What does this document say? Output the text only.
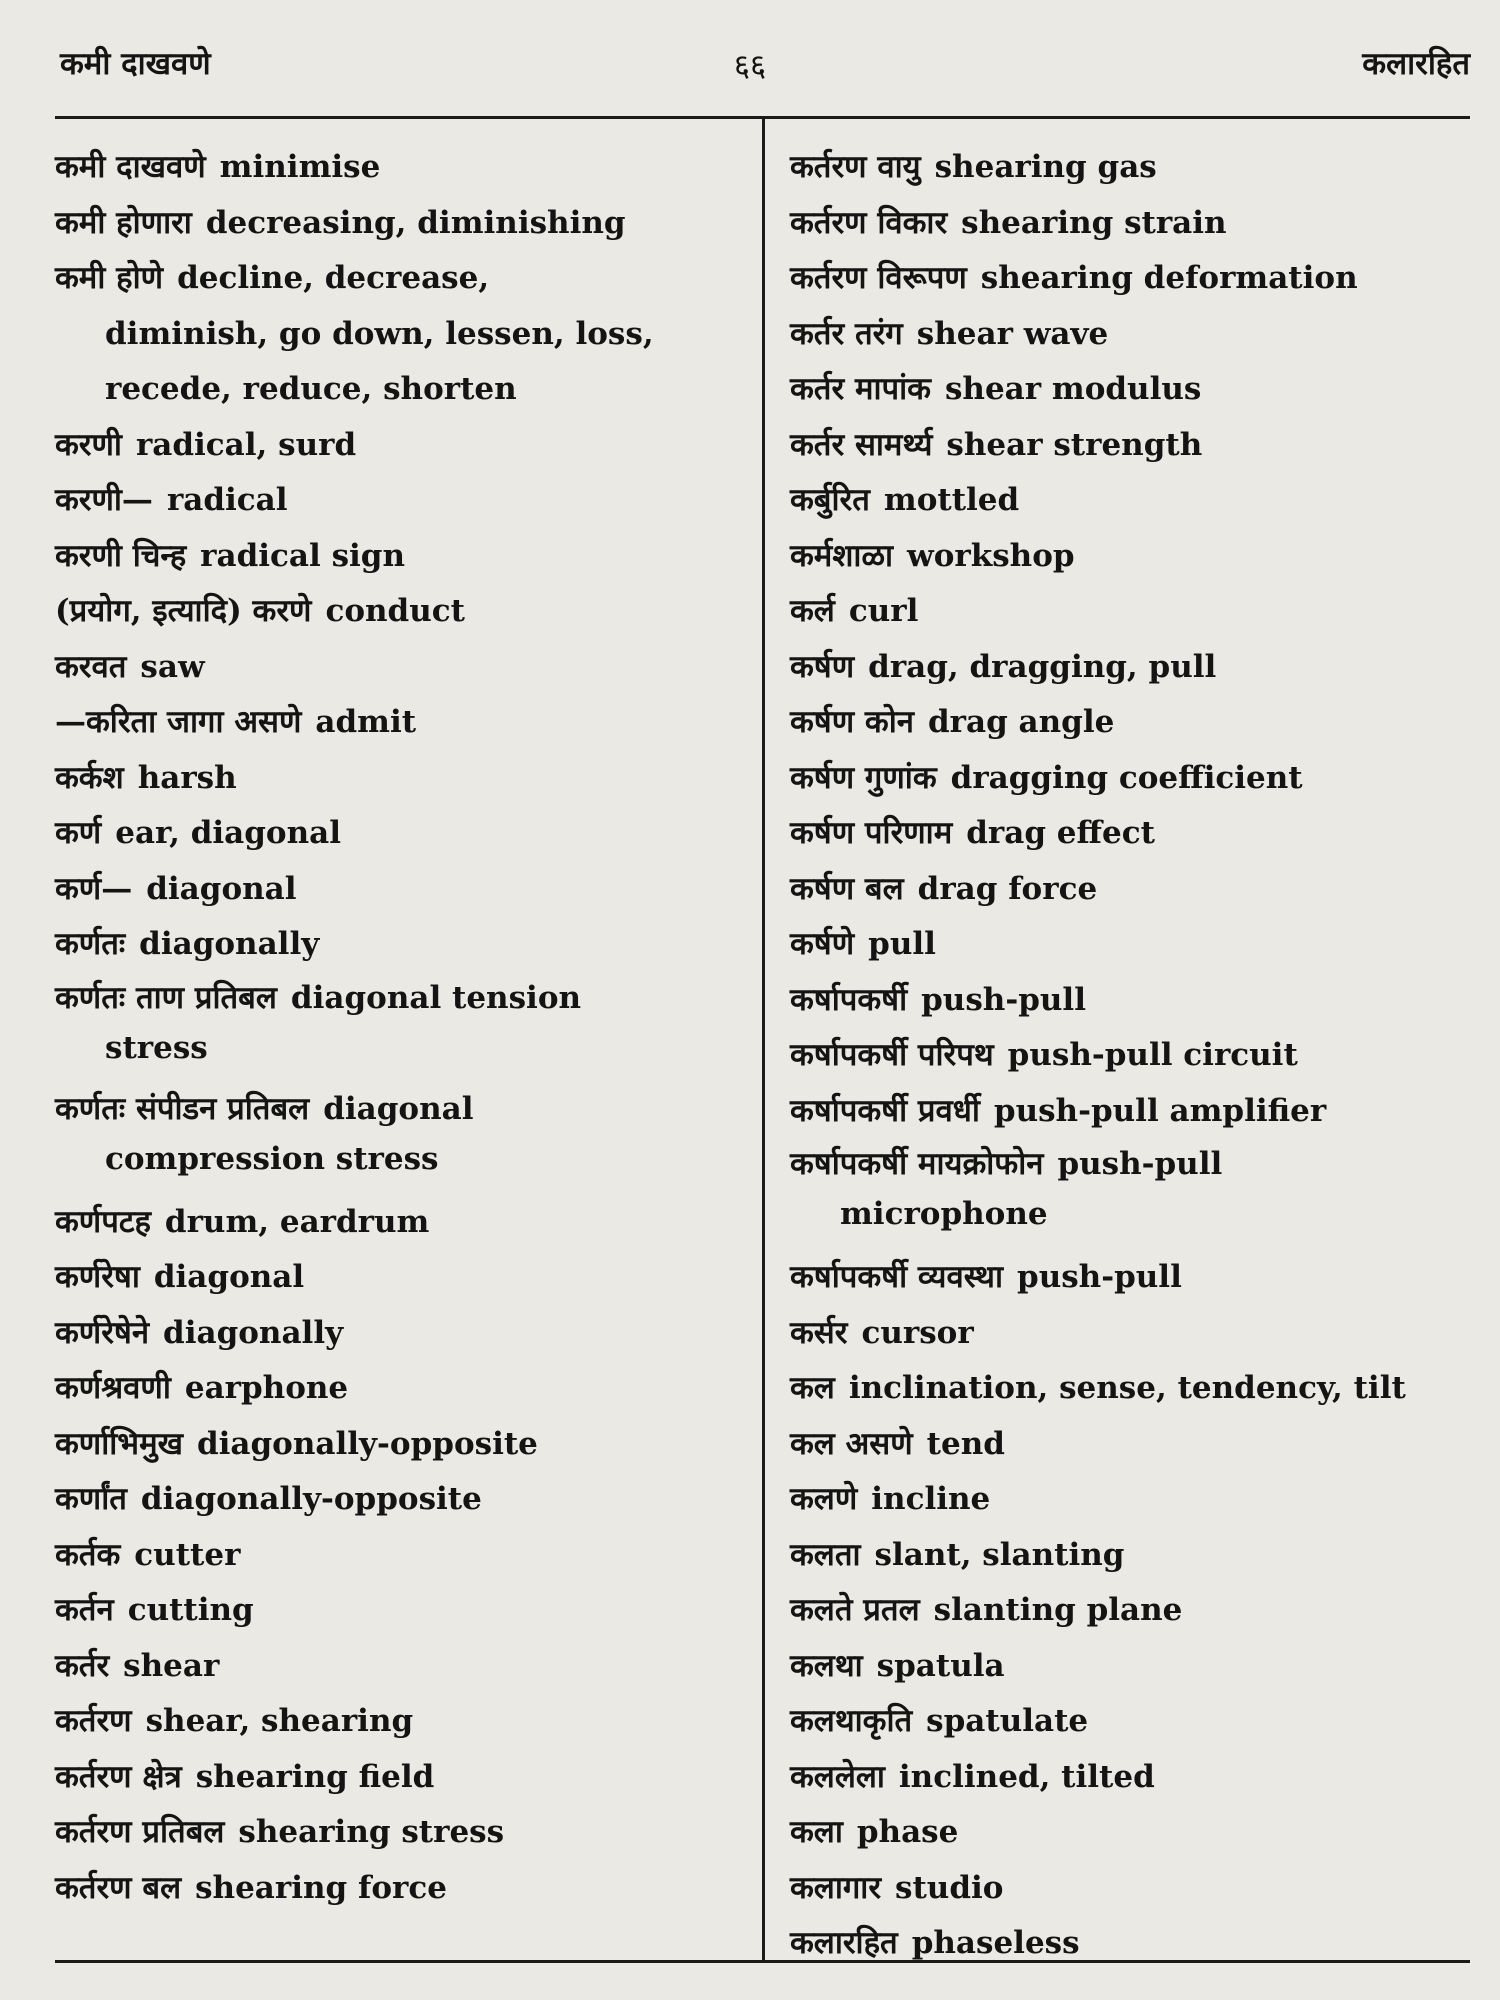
कमी दाखवणे	६६	कलारहित
कमी दाखवणे minimise
कमी होणारा decreasing, diminishing
कमी होणे decline, decrease,
diminish, go down, lessen, loss,
recede, reduce, shorten
करणी radical, surd
करणी— radical
करणी चिन्ह radical sign
(प्रयोग, इत्यादि) करणे conduct
करवत saw
—करिता जागा असणे admit
कर्कश harsh
कर्ण ear, diagonal
कर्ण— diagonal
कर्णतः diagonally
कर्णतः ताण प्रतिबल diagonal tension
stress
कर्णतः संपीडन प्रतिबल diagonal
compression stress
कर्णपटह drum, eardrum
कर्णरेषा diagonal
कर्णरेषेने diagonally
कर्णश्रवणी earphone
कर्णाभिमुख diagonally-opposite
कर्णांत diagonally-opposite
कर्तक cutter
कर्तन cutting
कर्तर shear
कर्तरण shear, shearing
कर्तरण क्षेत्र shearing field
कर्तरण प्रतिबल shearing stress
कर्तरण बल shearing force
कर्तरण वायु shearing gas
कर्तरण विकार shearing strain
कर्तरण विरूपण shearing deformation
कर्तर तरंग shear wave
कर्तर मापांक shear modulus
कर्तर सामर्थ्य shear strength
कर्बुरित mottled
कर्मशाळा workshop
कर्ल curl
कर्षण drag, dragging, pull
कर्षण कोन drag angle
कर्षण गुणांक dragging coefficient
कर्षण परिणाम drag effect
कर्षण बल drag force
कर्षणे pull
कर्षापकर्षी push-pull
कर्षापकर्षी परिपथ push-pull circuit
कर्षापकर्षी प्रवर्धी push-pull amplifier
कर्षापकर्षी मायक्रोफोन push-pull
microphone
कर्षापकर्षी व्यवस्था push-pull
कर्सर cursor
कल inclination, sense, tendency, tilt
कल असणे tend
कलणे incline
कलता slant, slanting
कलते प्रतल slanting plane
कलथा spatula
कलथाकृति spatulate
कललेला inclined, tilted
कला phase
कलागार studio
कलारहित phaseless
